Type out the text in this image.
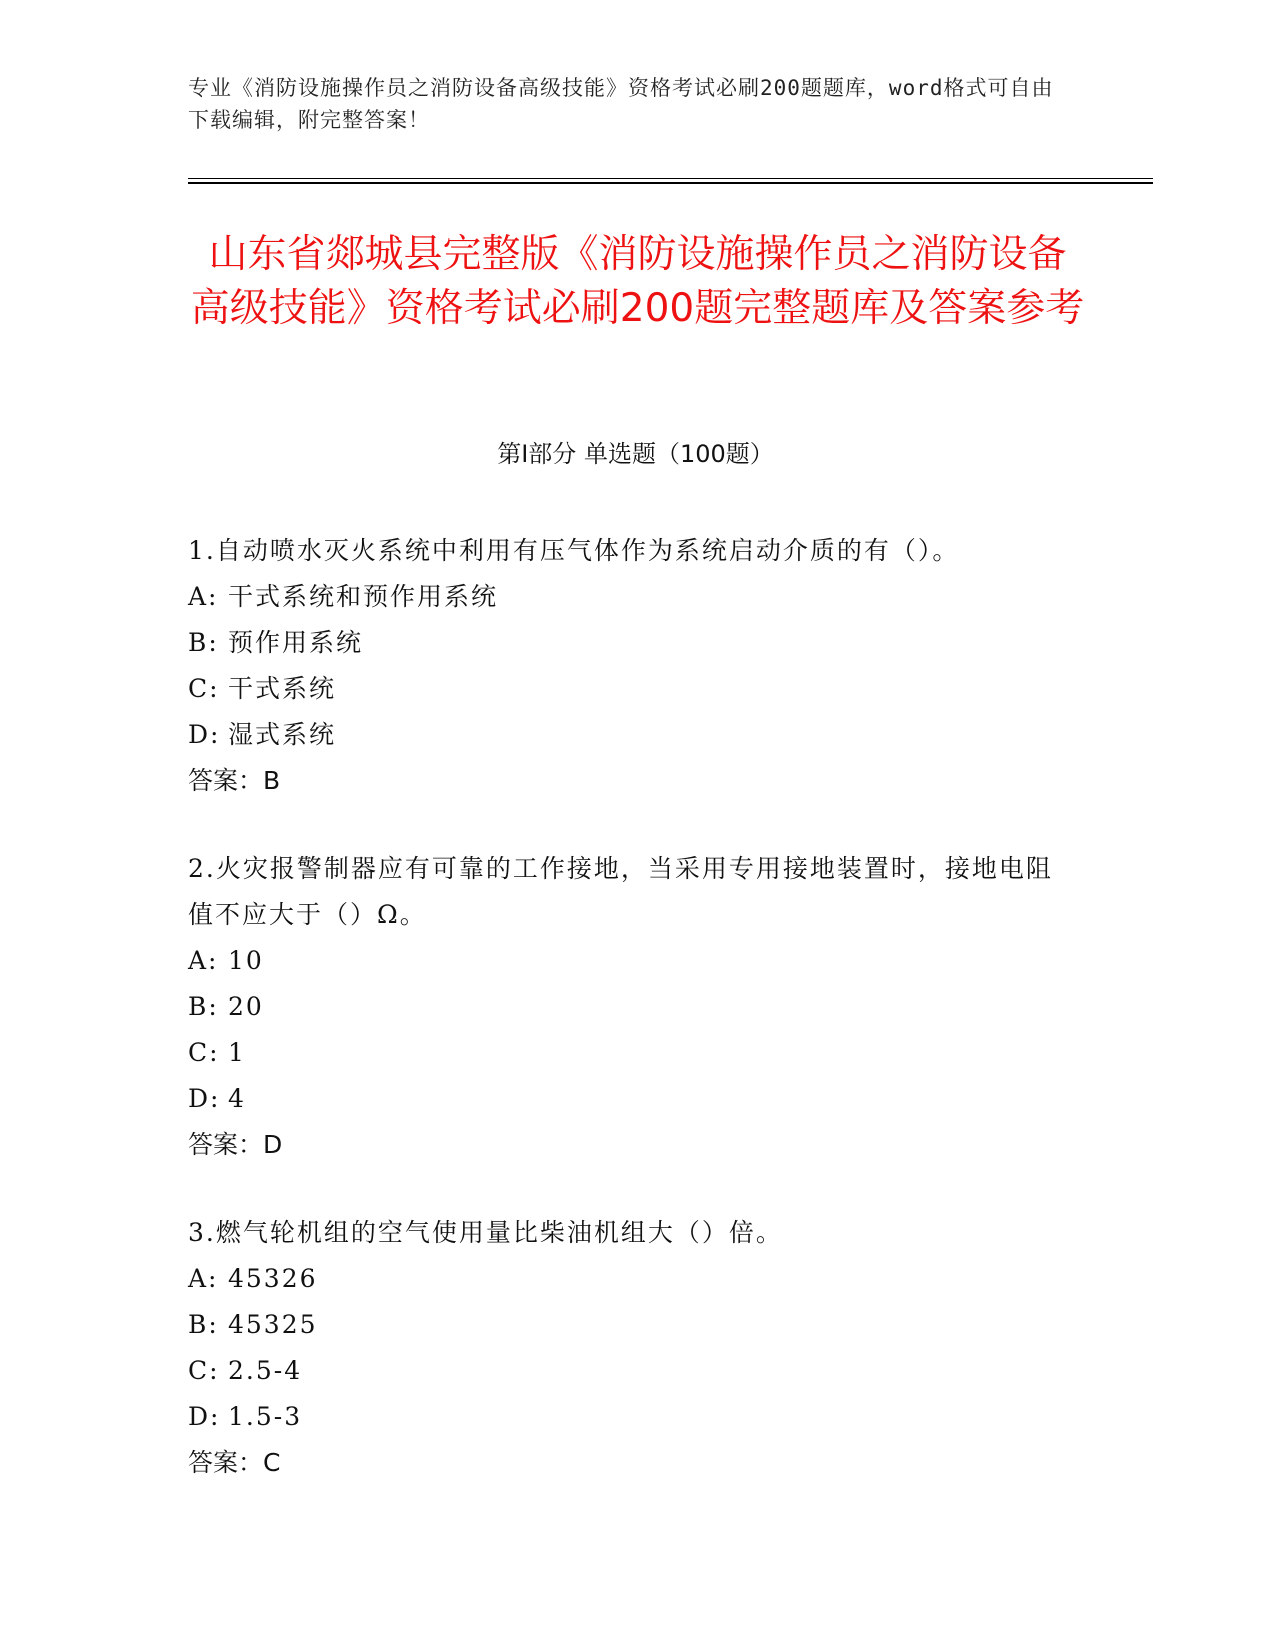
专业《消防设施操作员之消防设备高级技能》资格考试必刷200题题库，word格式可自由下载编辑，附完整答案！
山东省郯城县完整版《消防设施操作员之消防设备高级技能》资格考试必刷200题完整题库及答案参考
第Ⅰ部分 单选题（100题）
1.自动喷水灭火系统中利用有压气体作为系统启动介质的有（）。
A: 干式系统和预作用系统
B: 预作用系统
C: 干式系统
D: 湿式系统
答案：B
2.火灾报警制器应有可靠的工作接地，当采用专用接地装置时，接地电阻值不应大于（）Ω。
A: 10
B: 20
C: 1
D: 4
答案：D
3.燃气轮机组的空气使用量比柴油机组大（）倍。
A: 45326
B: 45325
C: 2.5-4
D: 1.5-3
答案：C
